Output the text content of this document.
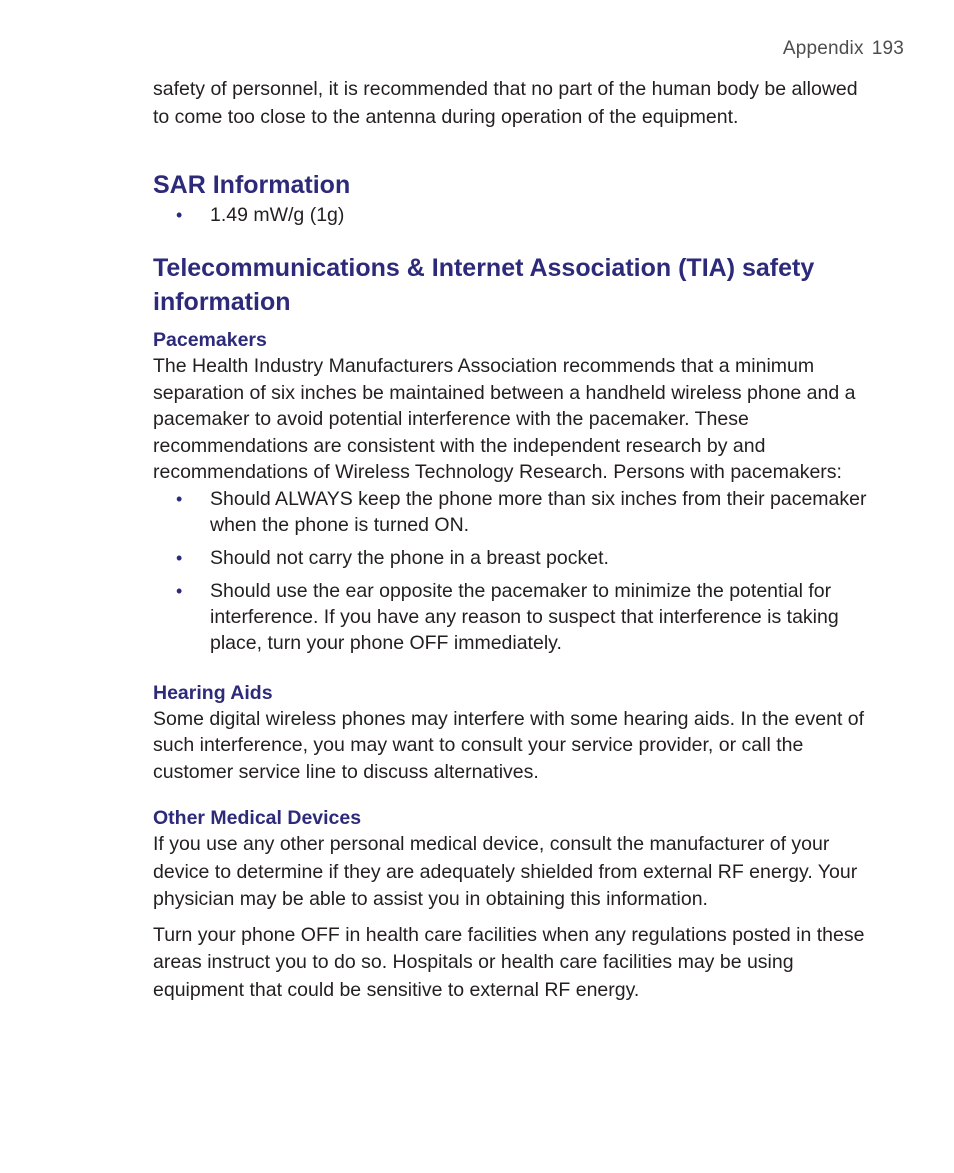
Appendix 193

safety of personnel, it is recommended that no part of the human body be allowed to come too close to the antenna during operation of the equipment.

SAR Information
• 1.49 mW/g (1g)
Telecommunications & Internet Association (TIA) safety information
Pacemakers

The Health Industry Manufacturers Association recommends that a minimum separation of six inches be maintained between a handheld wireless phone and a pacemaker to avoid potential interference with the pacemaker. These recommendations are consistent with the independent research by and recommendations of Wireless Technology Research. Persons with pacemakers:

• Should ALWAYS keep the phone more than six inches from their pacemaker when the phone is turned ON.
• Should not carry the phone in a breast pocket.
• Should use the ear opposite the pacemaker to minimize the potential for interference. If you have any reason to suspect that interference is taking place, turn your phone OFF immediately.
Hearing Aids

Some digital wireless phones may interfere with some hearing aids. In the event of such interference, you may want to consult your service provider, or call the customer service line to discuss alternatives.

Other Medical Devices

If you use any other personal medical device, consult the manufacturer of your device to determine if they are adequately shielded from external RF energy. Your physician may be able to assist you in obtaining this information.

Turn your phone OFF in health care facilities when any regulations posted in these areas instruct you to do so. Hospitals or health care facilities may be using equipment that could be sensitive to external RF energy.
